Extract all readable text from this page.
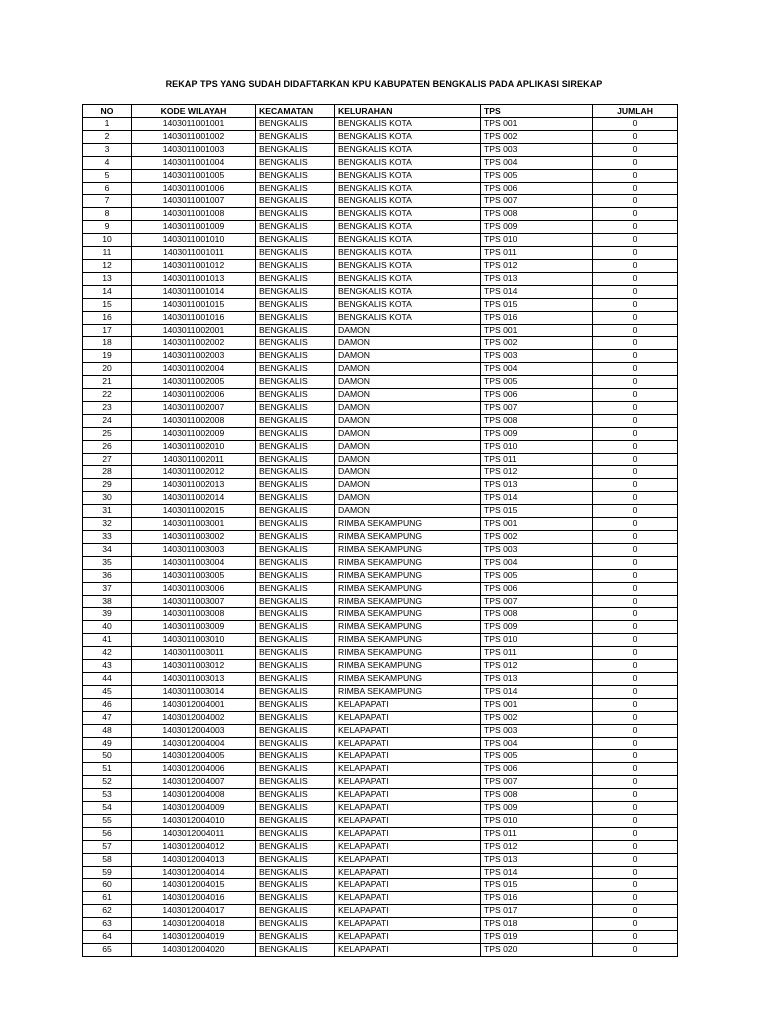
REKAP TPS YANG SUDAH DIDAFTARKAN KPU KABUPATEN BENGKALIS PADA APLIKASI SIREKAP
NO	KODE WILAYAH	KECAMATAN	KELURAHAN	TPS	JUMLAH
1	1403011001001	BENGKALIS	BENGKALIS KOTA	TPS 001	0
2	1403011001002	BENGKALIS	BENGKALIS KOTA	TPS 002	0
3	1403011001003	BENGKALIS	BENGKALIS KOTA	TPS 003	0
4	1403011001004	BENGKALIS	BENGKALIS KOTA	TPS 004	0
5	1403011001005	BENGKALIS	BENGKALIS KOTA	TPS 005	0
6	1403011001006	BENGKALIS	BENGKALIS KOTA	TPS 006	0
7	1403011001007	BENGKALIS	BENGKALIS KOTA	TPS 007	0
8	1403011001008	BENGKALIS	BENGKALIS KOTA	TPS 008	0
9	1403011001009	BENGKALIS	BENGKALIS KOTA	TPS 009	0
10	1403011001010	BENGKALIS	BENGKALIS KOTA	TPS 010	0
11	1403011001011	BENGKALIS	BENGKALIS KOTA	TPS 011	0
12	1403011001012	BENGKALIS	BENGKALIS KOTA	TPS 012	0
13	1403011001013	BENGKALIS	BENGKALIS KOTA	TPS 013	0
14	1403011001014	BENGKALIS	BENGKALIS KOTA	TPS 014	0
15	1403011001015	BENGKALIS	BENGKALIS KOTA	TPS 015	0
16	1403011001016	BENGKALIS	BENGKALIS KOTA	TPS 016	0
17	1403011002001	BENGKALIS	DAMON	TPS 001	0
18	1403011002002	BENGKALIS	DAMON	TPS 002	0
19	1403011002003	BENGKALIS	DAMON	TPS 003	0
20	1403011002004	BENGKALIS	DAMON	TPS 004	0
21	1403011002005	BENGKALIS	DAMON	TPS 005	0
22	1403011002006	BENGKALIS	DAMON	TPS 006	0
23	1403011002007	BENGKALIS	DAMON	TPS 007	0
24	1403011002008	BENGKALIS	DAMON	TPS 008	0
25	1403011002009	BENGKALIS	DAMON	TPS 009	0
26	1403011002010	BENGKALIS	DAMON	TPS 010	0
27	1403011002011	BENGKALIS	DAMON	TPS 011	0
28	1403011002012	BENGKALIS	DAMON	TPS 012	0
29	1403011002013	BENGKALIS	DAMON	TPS 013	0
30	1403011002014	BENGKALIS	DAMON	TPS 014	0
31	1403011002015	BENGKALIS	DAMON	TPS 015	0
32	1403011003001	BENGKALIS	RIMBA SEKAMPUNG	TPS 001	0
33	1403011003002	BENGKALIS	RIMBA SEKAMPUNG	TPS 002	0
34	1403011003003	BENGKALIS	RIMBA SEKAMPUNG	TPS 003	0
35	1403011003004	BENGKALIS	RIMBA SEKAMPUNG	TPS 004	0
36	1403011003005	BENGKALIS	RIMBA SEKAMPUNG	TPS 005	0
37	1403011003006	BENGKALIS	RIMBA SEKAMPUNG	TPS 006	0
38	1403011003007	BENGKALIS	RIMBA SEKAMPUNG	TPS 007	0
39	1403011003008	BENGKALIS	RIMBA SEKAMPUNG	TPS 008	0
40	1403011003009	BENGKALIS	RIMBA SEKAMPUNG	TPS 009	0
41	1403011003010	BENGKALIS	RIMBA SEKAMPUNG	TPS 010	0
42	1403011003011	BENGKALIS	RIMBA SEKAMPUNG	TPS 011	0
43	1403011003012	BENGKALIS	RIMBA SEKAMPUNG	TPS 012	0
44	1403011003013	BENGKALIS	RIMBA SEKAMPUNG	TPS 013	0
45	1403011003014	BENGKALIS	RIMBA SEKAMPUNG	TPS 014	0
46	1403012004001	BENGKALIS	KELAPAPATI	TPS 001	0
47	1403012004002	BENGKALIS	KELAPAPATI	TPS 002	0
48	1403012004003	BENGKALIS	KELAPAPATI	TPS 003	0
49	1403012004004	BENGKALIS	KELAPAPATI	TPS 004	0
50	1403012004005	BENGKALIS	KELAPAPATI	TPS 005	0
51	1403012004006	BENGKALIS	KELAPAPATI	TPS 006	0
52	1403012004007	BENGKALIS	KELAPAPATI	TPS 007	0
53	1403012004008	BENGKALIS	KELAPAPATI	TPS 008	0
54	1403012004009	BENGKALIS	KELAPAPATI	TPS 009	0
55	1403012004010	BENGKALIS	KELAPAPATI	TPS 010	0
56	1403012004011	BENGKALIS	KELAPAPATI	TPS 011	0
57	1403012004012	BENGKALIS	KELAPAPATI	TPS 012	0
58	1403012004013	BENGKALIS	KELAPAPATI	TPS 013	0
59	1403012004014	BENGKALIS	KELAPAPATI	TPS 014	0
60	1403012004015	BENGKALIS	KELAPAPATI	TPS 015	0
61	1403012004016	BENGKALIS	KELAPAPATI	TPS 016	0
62	1403012004017	BENGKALIS	KELAPAPATI	TPS 017	0
63	1403012004018	BENGKALIS	KELAPAPATI	TPS 018	0
64	1403012004019	BENGKALIS	KELAPAPATI	TPS 019	0
65	1403012004020	BENGKALIS	KELAPAPATI	TPS 020	0
